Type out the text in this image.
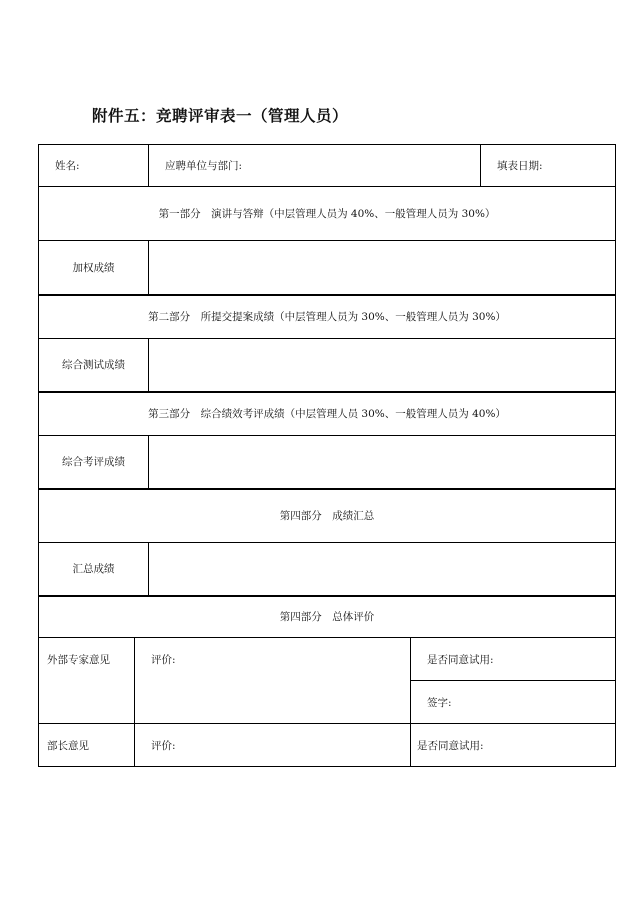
附件五：竞聘评审表一（管理人员）
姓名:		应聘单位与部门:		填表日期:
第一部分　演讲与答辩（中层管理人员为 40%、一般管理人员为 30%）				
加权成绩				
第二部分　所提交提案成绩（中层管理人员为 30%、一般管理人员为 30%）				
综合测试成绩				
第三部分　综合绩效考评成绩（中层管理人员 30%、一般管理人员为 40%）				
综合考评成绩				
第四部分　成绩汇总				
汇总成绩				
第四部分　总体评价				
外部专家意见	评价:		是否同意试用:	
			签字:	
部长意见	评价:		是否同意试用:	
